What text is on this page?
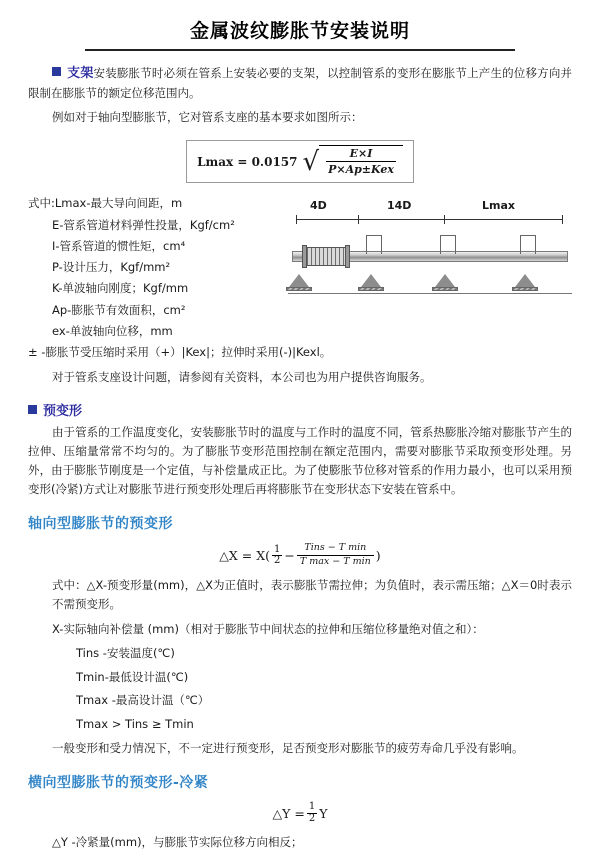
金属波纹膨胀节安装说明

支架安装膨胀节时必须在管系上安装必要的支架，以控制管系的变形在膨胀节上产生的位移方向并限制在膨胀节的额定位移范围内。

例如对于轴向型膨胀节，它对管系支座的基本要求如图所示：

Lmax = 0.0157 √ $\frac{E\times I}{\text{P×Ap±Kex}}$
式中:Lmax-最大导向间距，m
E-管系管道材料弹性投量，Kgf/cm²
I-管系管道的惯性矩，cm⁴
P-设计压力，Kgf/mm²
K-单波轴向刚度；Kgf/mm
Ap-膨胀节有效面积，cm²
ex-单波轴向位移，mm
± -膨胀节受压缩时采用（+）|Kex|；拉伸时采用(-)|Kexl。
4D	14D	Lmax

对于管系支座设计问题，请参阅有关资料，本公司也为用户提供咨询服务。

预变形

由于管系的工作温度变化，安装膨胀节时的温度与工作时的温度不同，管系热膨胀冷缩对膨胀节产生的拉伸、压缩量常常不均匀的。为了膨胀节变形范围控制在额定范围内，需要对膨胀节采取预变形处理。另外，由于膨胀节刚度是一个定值，与补偿量成正比。为了使膨胀节位移对管系的作用力最小，也可以采用预变形(冷紧)方式让对膨胀节进行预变形处理后再将膨胀节在变形状态下安装在管系中。

轴向型膨胀节的预变形
△X = $X( \frac{1}{2}$ −
Tins − T min
T max − T min )

式中：△X-预变形量(mm)，△X为正值时，表示膨胀节需拉伸；为负值时，表示需压缩；△X＝0时表示不需预变形。

X-实际轴向补偿量 (mm)（相对于膨胀节中间状态的拉伸和压缩位移量绝对值之和）：
Tins -安装温度(℃)
Tmin-最低设计温(℃)
Tmax -最高设计温（℃）
Tmax > Tins ≥ Tmin
一般变形和受力情况下，不一定进行预变形，足否预变形对膨胀节的疲劳寿命几乎没有影响。
横向型膨胀节的预变形-冷紧
△Y = $\frac{1}{2}$ Y
△Y -冷紧量(mm)，与膨胀节实际位移方向相反；
